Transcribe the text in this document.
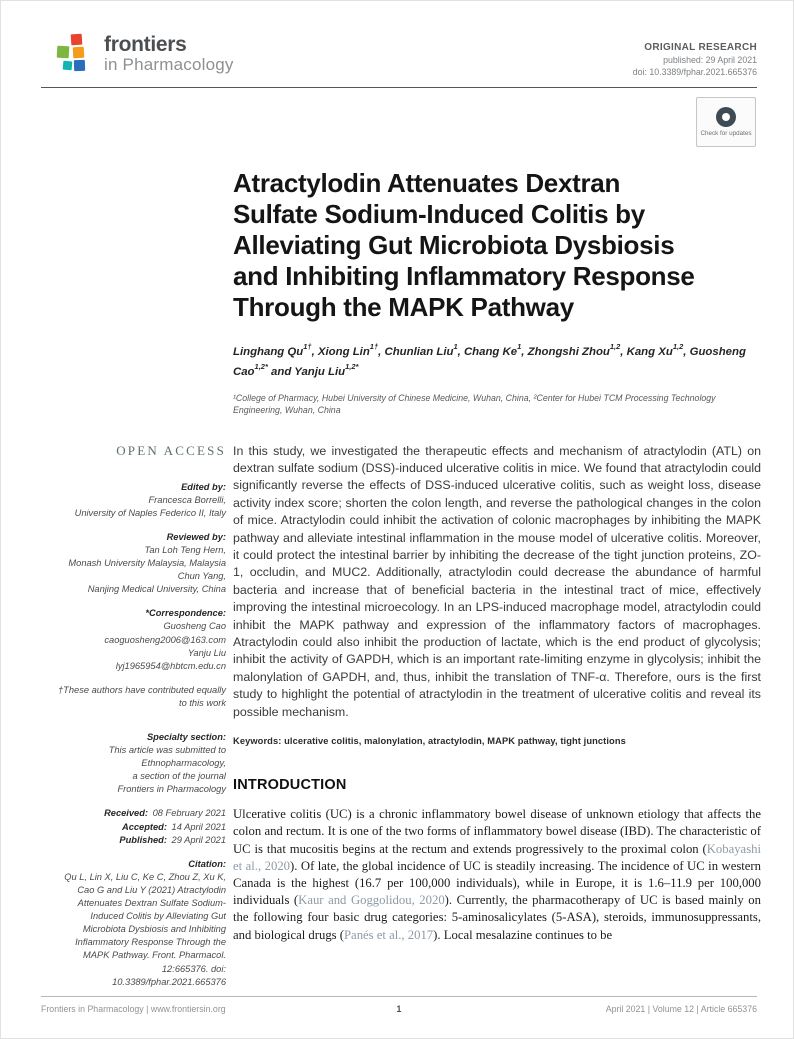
frontiers
in Pharmacology
ORIGINAL RESEARCH
published: 29 April 2021
doi: 10.3389/fphar.2021.665376
Check for updates
Atractylodin Attenuates Dextran
Sulfate Sodium-Induced Colitis by
Alleviating Gut Microbiota Dysbiosis
and Inhibiting Inflammatory Response
Through the MAPK Pathway
Linghang $Qu^{1\dagger}$, Xiong Lin$^{1\dagger}$, Chunlian Liu$^1$, Chang Ke$^1$, Zhongshi Zhou$^{1,2}$, Kang Xu$^{1,2}$, Guosheng Cao$^{1,2*}$ and Yanju Liu$^{1,2*}$
¹College of Pharmacy, Hubei University of Chinese Medicine, Wuhan, China, ²Center for Hubei TCM Processing Technology Engineering, Wuhan, China
OPEN ACCESS
Edited by:
Francesca Borrelli,
University of Naples Federico II, Italy
Reviewed by:
Tan Loh Teng Hern,
Monash University Malaysia, Malaysia
Chun Yang,
Nanjing Medical University, China
*Correspondence:
Guosheng Cao
caoguosheng2006@163.com
Yanju Liu
lyj1965954@hbtcm.edu.cn
†These authors have contributed equally to this work
Specialty section:
This article was submitted to
Ethnopharmacology,
a section of the journal
Frontiers in Pharmacology
Received: 08 February 2021
Accepted: 14 April 2021
Published: 29 April 2021
Citation:
Qu L, Lin X, Liu C, Ke C, Zhou Z, Xu K, Cao G and Liu Y (2021) Atractylodin Attenuates Dextran Sulfate Sodium-Induced Colitis by Alleviating Gut Microbiota Dysbiosis and Inhibiting Inflammatory Response Through the MAPK Pathway. Front. Pharmacol. 12:665376. doi: 10.3389/fphar.2021.665376

In this study, we investigated the therapeutic effects and mechanism of atractylodin (ATL) on dextran sulfate sodium (DSS)-induced ulcerative colitis in mice. We found that atractylodin could significantly reverse the effects of DSS-induced ulcerative colitis, such as weight loss, disease activity index score; shorten the colon length, and reverse the pathological changes in the colon of mice. Atractylodin could inhibit the activation of colonic macrophages by inhibiting the MAPK pathway and alleviate intestinal inflammation in the mouse model of ulcerative colitis. Moreover, it could protect the intestinal barrier by inhibiting the decrease of the tight junction proteins, ZO-1, occludin, and MUC2. Additionally, atractylodin could decrease the abundance of harmful bacteria and increase that of beneficial bacteria in the intestinal tract of mice, effectively improving the intestinal microecology. In an LPS-induced macrophage model, atractylodin could inhibit the MAPK pathway and expression of the inflammatory factors of macrophages. Atractylodin could also inhibit the production of lactate, which is the end product of glycolysis; inhibit the activity of GAPDH, which is an important rate-limiting enzyme in glycolysis; inhibit the malonylation of GAPDH, and, thus, inhibit the translation of TNF-α. Therefore, ours is the first study to highlight the potential of atractylodin in the treatment of ulcerative colitis and reveal its possible mechanism.

Keywords: ulcerative colitis, malonylation, atractylodin, MAPK pathway, tight junctions
INTRODUCTION

Ulcerative colitis (UC) is a chronic inflammatory bowel disease of unknown etiology that affects the colon and rectum. It is one of the two forms of inflammatory bowel disease (IBD). The characteristic of UC is that mucositis begins at the rectum and extends progressively to the proximal colon (Kobayashi et al., 2020). Of late, the global incidence of UC is steadily increasing. The incidence of UC in western Canada is the highest (16.7 per 100,000 individuals), while in Europe, it is 1.6–11.9 per 100,000 individuals (Kaur and Goggolidou, 2020). Currently, the pharmacotherapy of UC is based mainly on the following four basic drug categories: 5-aminosalicylates (5-ASA), steroids, immunosuppressants, and biological drugs (Panés et al., 2017). Local mesalazine continues to be

Frontiers in Pharmacology | www.frontiersin.org	1	April 2021 | Volume 12 | Article 665376
